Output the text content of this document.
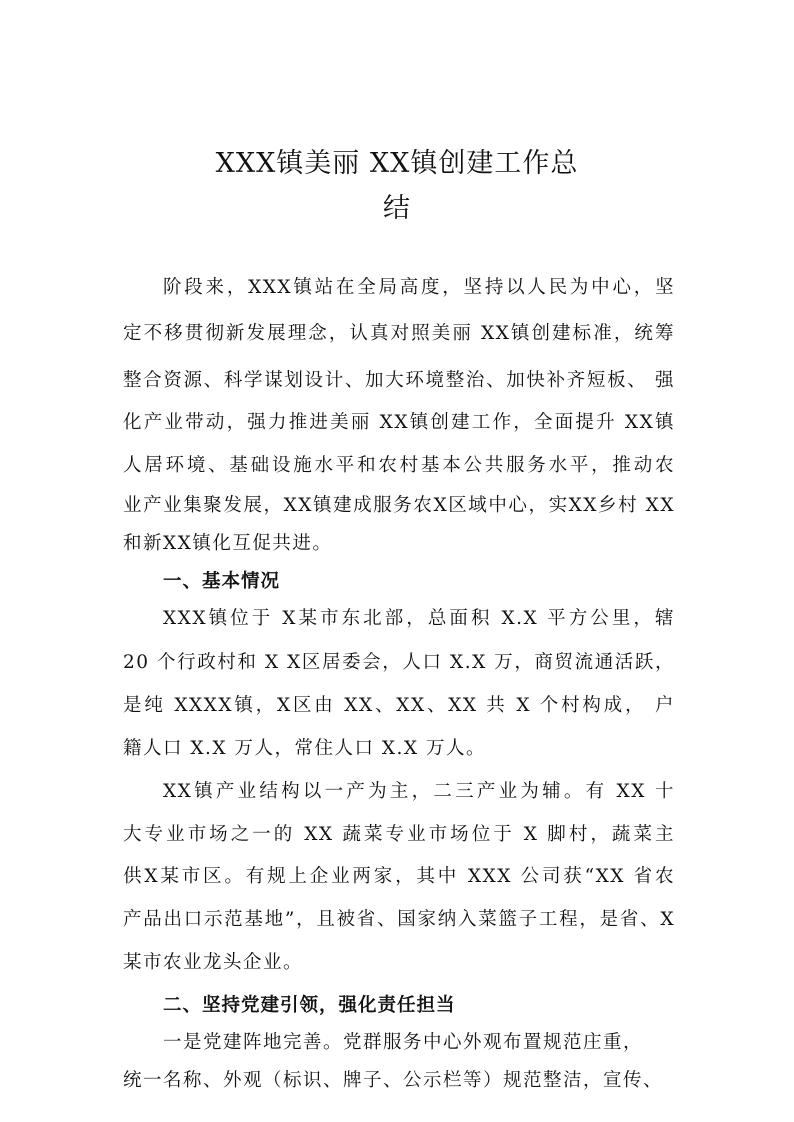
XXX镇美丽 XX镇创建工作总
结
阶段来，XXX镇站在全局高度，坚持以人民为中心，坚
定不移贯彻新发展理念，认真对照美丽 XX镇创建标准，统筹
整合资源、科学谋划设计、加大环境整治、加快补齐短板、 强
化产业带动，强力推进美丽 XX镇创建工作，全面提升 XX镇
人居环境、基础设施水平和农村基本公共服务水平，推动农
业产业集聚发展，XX镇建成服务农X区域中心，实XX乡村 XX
和新XX镇化互促共进。
一、基本情况
XXX镇位于 X某市东北部，总面积 X.X 平方公里，辖
20 个行政村和 X X区居委会，人口 X.X 万，商贸流通活跃，
是纯 XXXX镇，X区由 XX、XX、XX 共 X 个村构成， 户
籍人口 X.X 万人，常住人口 X.X 万人。
XX镇产业结构以一产为主，二三产业为辅。有 XX 十
大专业市场之一的 XX 蔬菜专业市场位于 X 脚村，蔬菜主
供X某市区。有规上企业两家，其中 XXX 公司获“XX 省农
产品出口示范基地”，且被省、国家纳入菜篮子工程，是省、X
某市农业龙头企业。
二、坚持党建引领，强化责任担当
一是党建阵地完善。党群服务中心外观布置规范庄重，
统一名称、外观（标识、牌子、公示栏等）规范整洁，宣传、
